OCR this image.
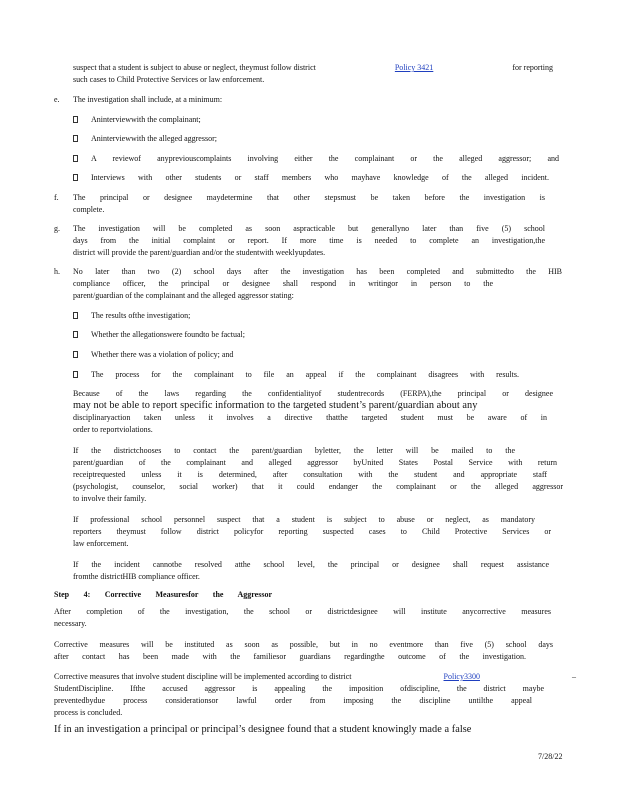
suspect that a student is subject to abuse or neglect, theymust follow district	Policy 3421	for reporting
such cases to Child Protective Services or law enforcement.
e. The investigation shall include, at a minimum:
Aninterviewwith the complainant;
Aninterviewwith the alleged aggressor;
A reviewof anypreviouscomplaints involving either the complainant or the alleged aggressor; and
Interviews with other students or staff members who mayhave knowledge of the alleged incident.
f. The principal or designee maydetermine that other stepsmust be taken before the investigation is
complete.
g. The investigation will be completed as soon aspracticable but generallyno later than five (5) school
days from the initial complaint or report. If more time is needed to complete an investigation,the
district will provide the parent/guardian and/or the studentwith weeklyupdates.
h. No later than two (2) school days after the investigation has been completed and submittedto the HIB
compliance officer, the principal or designee shall respond in writingor in person to the
parent/guardian of the complainant and the alleged aggressor stating:
The results ofthe investigation;
Whether the allegationswere foundto be factual;
Whether there was a violation of policy; and
The process for the complainant to file an appeal if the complainant disagrees with results.
Because of the laws regarding the confidentialityof studentrecords (FERPA),the principal or designee
may not be able to report specific information to the targeted student’s parent/guardian about any
disciplinaryaction taken unless it involves a directive thatthe targeted student must be aware of in
order to reportviolations.
If the districtchooses to contact the parent/guardian byletter, the letter will be mailed to the
parent/guardian of the complainant and alleged aggressor byUnited States Postal Service with return
receiptrequested unless it is determined, after consultation with the student and appropriate staff
(psychologist, counselor, social worker) that it could endanger the complainant or the alleged aggressor
to involve their family.
If professional school personnel suspect that a student is subject to abuse or neglect, as mandatory
reporters theymust follow district policyfor reporting suspected cases to Child Protective Services or
law enforcement.
If the incident cannotbe resolved atthe school level, the principal or designee shall request assistance
fromthe districtHIB compliance officer.
Step 4: Corrective Measuresfor the Aggressor
After completion of the investigation, the school or districtdesignee will institute anycorrective measures
necessary.
Corrective measures will be instituted as soon as possible, but in no eventmore than five (5) school days
after contact has been made with the familiesor guardians regardingthe outcome of the investigation.
Corrective measures that involve student discipline will be implemented according to district	Policy3300	–
StudentDiscipline. Ifthe accused aggressor is appealing the imposition ofdiscipline, the district maybe
preventedbydue process considerationsor lawful order from imposing the discipline untilthe appeal
process is concluded.
If in an investigation a principal or principal’s designee found that a student knowingly made a false
7/28/22
